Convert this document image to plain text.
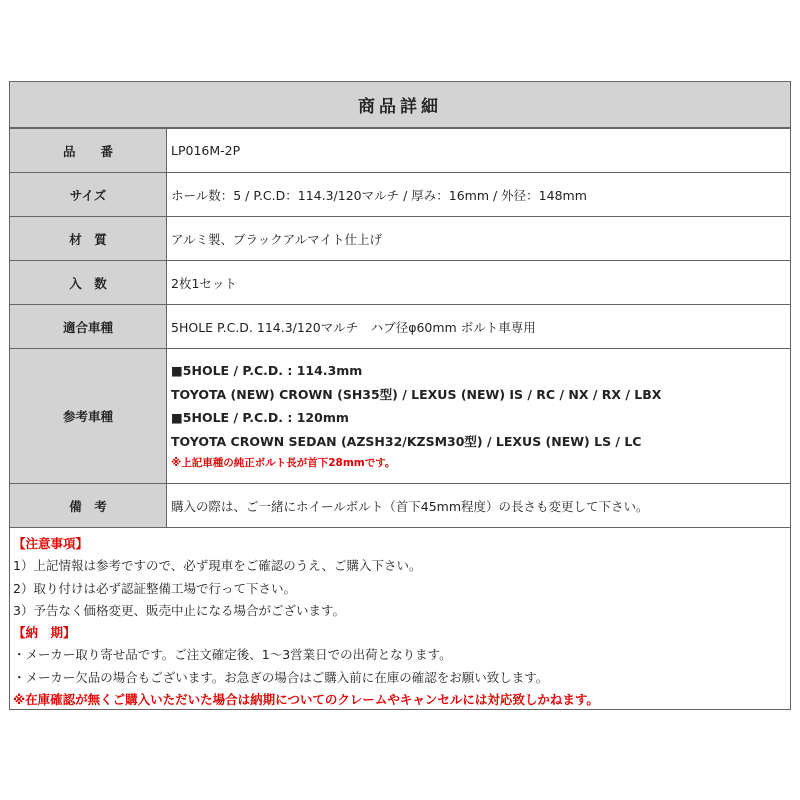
商品詳細
品　　番	LP016M-2P
サイズ	ホール数：5 / P.C.D：114.3/120マルチ / 厚み：16mm / 外径：148mm
材　質	アルミ製、ブラックアルマイト仕上げ
入　数	2枚1セット
適合車種	5HOLE P.C.D. 114.3/120マルチ　ハブ径φ60mm ボルト車専用
参考車種	■5HOLE / P.C.D. : 114.3mm
TOYOTA (NEW) CROWN (SH35型) / LEXUS (NEW) IS / RC / NX / RX / LBX
■5HOLE / P.C.D. : 120mm
TOYOTA CROWN SEDAN (AZSH32/KZSM30型) / LEXUS (NEW) LS / LC
※上記車種の純正ボルト長が首下28mmです。

備　考	購入の際は、ご一緒にホイールボルト（首下45mm程度）の長さも変更して下さい。
【注意事項】
1）上記情報は参考ですので、必ず現車をご確認のうえ、ご購入下さい。
2）取り付けは必ず認証整備工場で行って下さい。
3）予告なく価格変更、販売中止になる場合がございます。
【納　期】
・メーカー取り寄せ品です。ご注文確定後、1～3営業日での出荷となります。
・メーカー欠品の場合もございます。お急ぎの場合はご購入前に在庫の確認をお願い致します。
※在庫確認が無くご購入いただいた場合は納期についてのクレームやキャンセルには対応致しかねます。
